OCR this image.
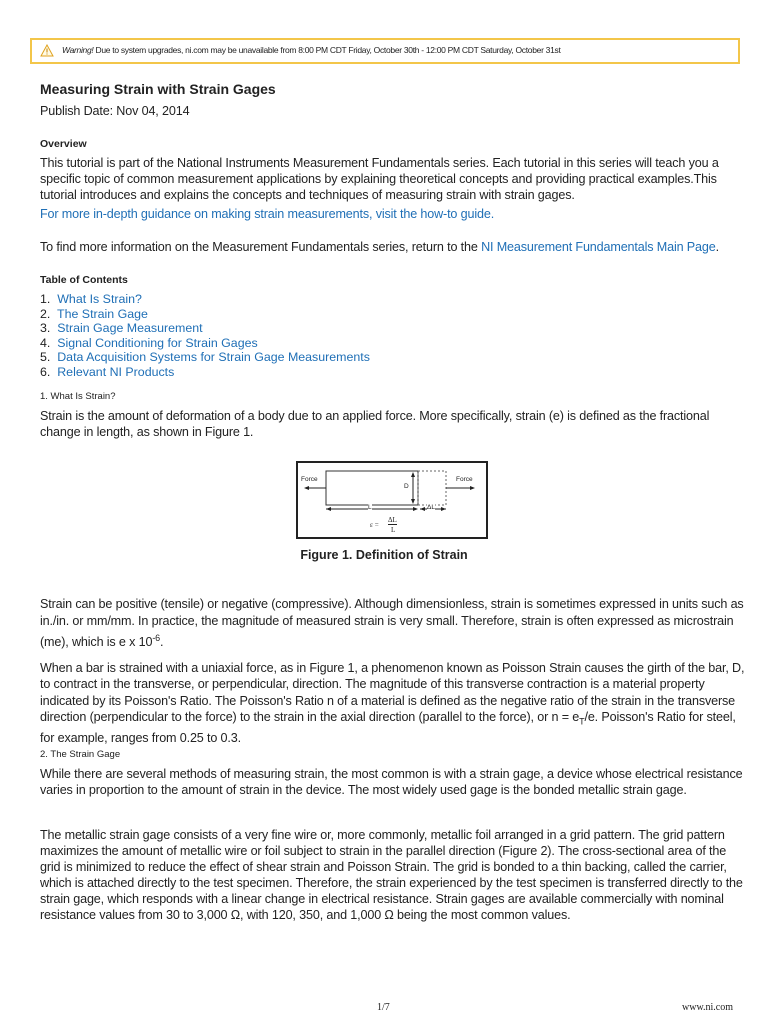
Warning! Due to system upgrades, ni.com may be unavailable from 8:00 PM CDT Friday, October 30th - 12:00 PM CDT Saturday, October 31st
Measuring Strain with Strain Gages
Publish Date: Nov 04, 2014
Overview
This tutorial is part of the National Instruments Measurement Fundamentals series. Each tutorial in this series will teach you a
specific topic of common measurement applications by explaining theoretical concepts and providing practical examples.This
tutorial introduces and explains the concepts and techniques of measuring strain with strain gages.
For more in-depth guidance on making strain measurements, visit the how-to guide.
To find more information on the Measurement Fundamentals series, return to the NI Measurement Fundamentals Main Page.
Table of Contents
1. What Is Strain?
2. The Strain Gage
3. Strain Gage Measurement
4. Signal Conditioning for Strain Gages
5. Data Acquisition Systems for Strain Gage Measurements
6. Relevant NI Products
1. What Is Strain?
Strain is the amount of deformation of a body due to an applied force. More specifically, strain (e) is defined as the fractional
change in length, as shown in Figure 1.
Force	Force
D
L	ΔL
ε =
ΔL
L
Figure 1. Definition of Strain
Strain can be positive (tensile) or negative (compressive). Although dimensionless, strain is sometimes expressed in units such as
in./in. or mm/mm. In practice, the magnitude of measured strain is very small. Therefore, strain is often expressed as microstrain
(me), which is e x $10^{-6}$.
When a bar is strained with a uniaxial force, as in Figure 1, a phenomenon known as Poisson Strain causes the girth of the bar, D,
to contract in the transverse, or perpendicular, direction. The magnitude of this transverse contraction is a material property
indicated by its Poisson's Ratio. The Poisson's Ratio n of a material is defined as the negative ratio of the strain in the transverse
direction (perpendicular to the force) to the strain in the axial direction (parallel to the force), or $n = e_T/e$. Poisson's Ratio for steel,
for example, ranges from 0.25 to 0.3.
2. The Strain Gage
While there are several methods of measuring strain, the most common is with a strain gage, a device whose electrical resistance
varies in proportion to the amount of strain in the device. The most widely used gage is the bonded metallic strain gage.
The metallic strain gage consists of a very fine wire or, more commonly, metallic foil arranged in a grid pattern. The grid pattern
maximizes the amount of metallic wire or foil subject to strain in the parallel direction (Figure 2). The cross-sectional area of the
grid is minimized to reduce the effect of shear strain and Poisson Strain. The grid is bonded to a thin backing, called the carrier,
which is attached directly to the test specimen. Therefore, the strain experienced by the test specimen is transferred directly to the
strain gage, which responds with a linear change in electrical resistance. Strain gages are available commercially with nominal
resistance values from 30 to 3,000 Ω, with 120, 350, and 1,000 Ω being the most common values.
1/7	www.ni.com
